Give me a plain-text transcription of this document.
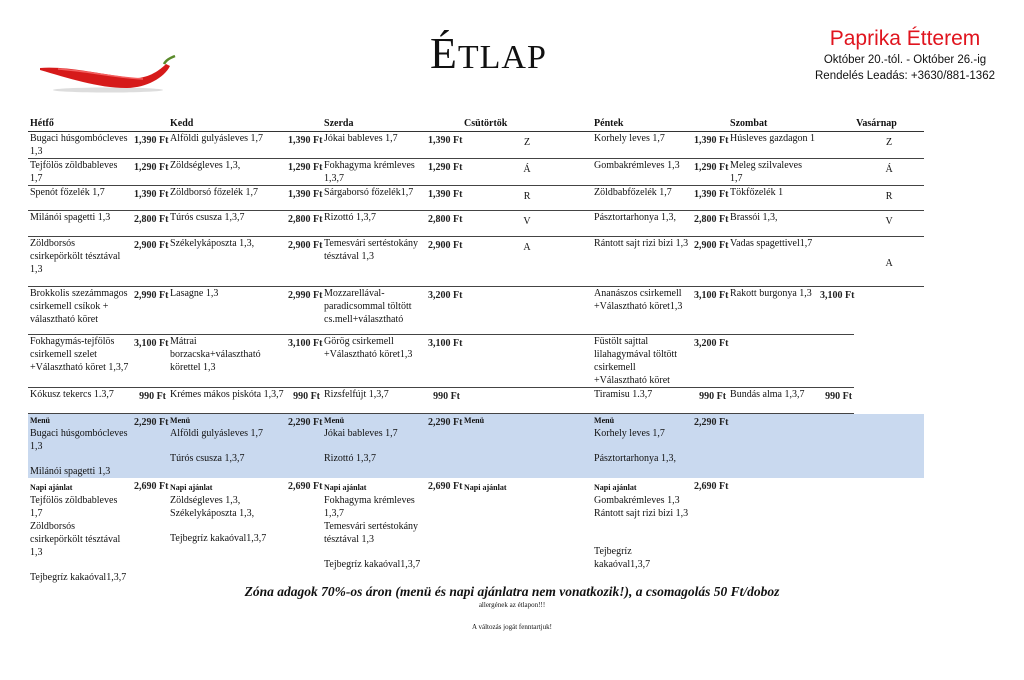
ÉTLAP
Paprika Étterem
Október 20.-tól. - Október 26.-ig
Rendelés Leadás: +3630/881-1362
Hétfő	Kedd	Szerda	Csütörtök	Péntek	Szombat	Vasárnap
Bugaci húsgombócleves 1,3	1,390 Ft	Alföldi gulyásleves 1,7	1,390 Ft	Jókai bableves 1,7	1,390 Ft	Z	Korhely leves 1,7	1,390 Ft	Húsleves gazdagon 1		Z
Tejfölös zöldbableves 1,7	1,290 Ft	Zöldségleves 1,3,	1,290 Ft	Fokhagyma krémleves 1,3,7	1,290 Ft	Á	Gombakrémleves 1,3	1,290 Ft	Meleg szilvaleves 1,7		Á
Spenót főzelék 1,7	1,390 Ft	Zöldborsó főzelék 1,7	1,390 Ft	Sárgaborsó főzelék1,7	1,390 Ft	R	Zöldbabfőzelék 1,7	1,390 Ft	Tökfőzelék 1		R
Milánói spagetti 1,3	2,800 Ft	Túrós csusza 1,3,7	2,800 Ft	Rizottó 1,3,7	2,800 Ft	V	Pásztortarhonya 1,3,	2,800 Ft	Brassói 1,3,		V
Zöldborsós csirkepörkölt tésztával 1,3	2,900 Ft	Székelykáposzta 1,3,	2,900 Ft	Temesvári sertéstokány tésztával 1,3	2,900 Ft	A	Rántott sajt rizi bizi 1,3	2,900 Ft	Vadas spagettivel1,7		A
Brokkolis szezámmagos csirkemell csíkok + választható köret	2,990 Ft	Lasagne 1,3	2,990 Ft	Mozzarellával-paradicsommal töltött cs.mell+választható	3,200 Ft		Ananászos csirkemell +Választható köret1,3	3,100 Ft	Rakott burgonya 1,3	3,100 Ft	
Fokhagymás-tejfölös csirkemell szelet +Választható köret 1,3,7	3,100 Ft	Mátrai borzacska+választható körettel 1,3	3,100 Ft	Görög csirkemell +Választható köret1,3	3,100 Ft		Füstölt sajttal lilahagymával töltött csirkemell +Választható köret	3,200 Ft			
Kókusz tekercs 1.3,7	990 Ft	Krémes mákos piskóta 1,3,7	990 Ft	Rizsfelfújt 1,3,7	990 Ft		Tiramisu 1.3,7	990 Ft	Bundás alma 1,3,7	990 Ft	

Menü
Bugaci húsgombócleves 1,3
Milánói spagetti 1,3
	2,290 Ft	Menü
Alföldi gulyásleves 1,7
Túrós csusza 1,3,7
	2,290 Ft	Menü
Jókai bableves 1,7
Rizottó 1,3,7
	2,290 Ft	Menü	Menü
Korhely leves 1,7
Pásztortarhonya 1,3,
	2,290 Ft			

Napi ajánlat
Tejfölös zöldbableves 1,7
Zöldborsós csirkepörkölt tésztával 1,3
Tejbegríz kakaóval1,3,7
	2,690 Ft	Napi ajánlat
Zöldségleves 1,3,
Székelykáposzta 1,3,
Tejbegríz kakaóval1,3,7
	2,690 Ft	Napi ajánlat
Fokhagyma krémleves 1,3,7
Temesvári sertéstokány tésztával 1,3
Tejbegríz kakaóval1,3,7
	2,690 Ft	Napi ajánlat	Napi ajánlat
Gombakrémleves 1,3
Rántott sajt rizi bizi 1,3
Tejbegríz kakaóval1,3,7
	2,690 Ft			
Zóna adagok 70%-os áron (menü és napi ajánlatra nem vonatkozik!), a csomagolás 50 Ft/doboz
allergének az étlapon!!!
A változás jogát fenntartjuk!
